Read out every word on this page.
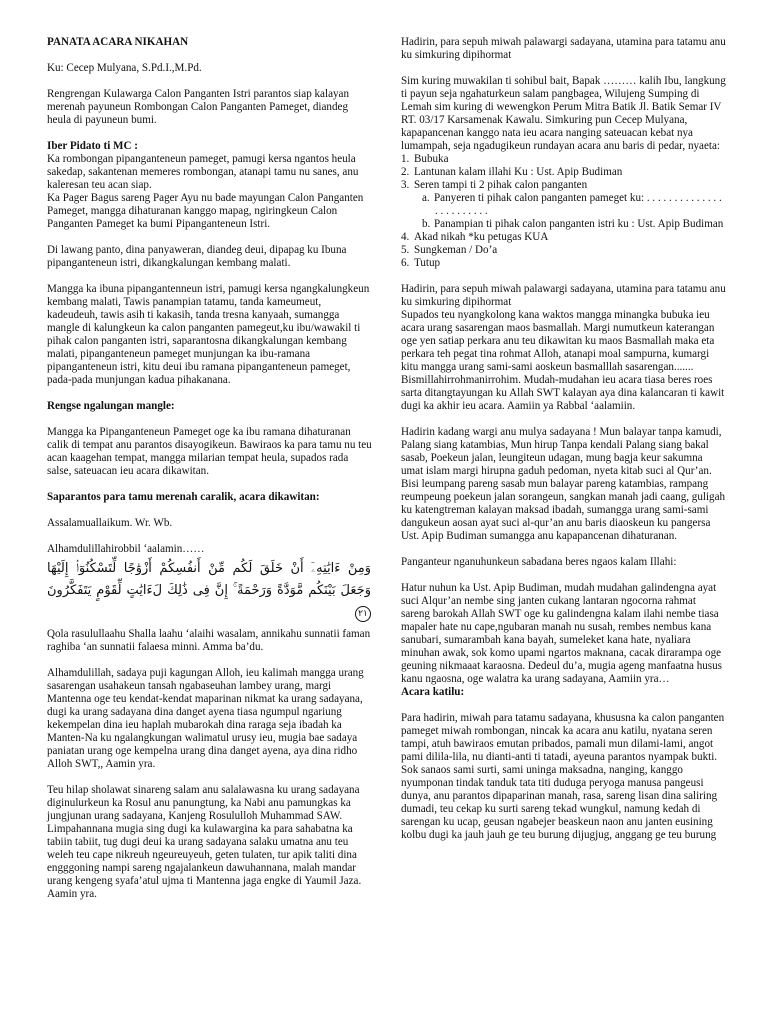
PANATA ACARA NIKAHAN

Ku: Cecep Mulyana, S.Pd.I.,M.Pd.

Rengrengan Kulawarga Calon Panganten Istri parantos siap kalayan merenah payuneun Rombongan Calon Panganten Pameget, diandeg heula di payuneun bumi.

Iber Pidato ti MC :

Ka rombongan pipanganteneun pameget, pamugi kersa ngantos heula sakedap, sakantenan memeres rombongan, atanapi tamu nu sanes, anu kaleresan teu acan siap.

Ka Pager Bagus sareng Pager Ayu nu bade mayungan Calon Panganten Pameget, mangga dihaturanan kanggo mapag, ngiringkeun Calon Panganten Pameget ka bumi Pipanganteneun Istri.

Di lawang panto, dina panyaweran, diandeg deui, dipapag ku Ibuna pipanganteneun istri, dikangkalungan kembang malati.

Mangga ka ibuna pipangantenneun istri, pamugi kersa ngangkalungkeun kembang malati, Tawis panampian tatamu, tanda kameumeut, kadeudeuh, tawis asih ti kakasih, tanda tresna kanyaah, sumangga mangle di kalungkeun ka calon panganten pamegeut,ku ibu/wawakil ti pihak calon panganten istri, saparantosna dikangkalungan kembang malati, pipanganteneun pameget munjungan ka ibu-ramana pipanganteneun istri, kitu deui ibu ramana pipanganteneun pameget, pada-pada munjungan kadua pihakanana.

Rengse ngalungan mangle:

Mangga ka Pipanganteneun Pameget oge ka ibu ramana dihaturanan calik di tempat anu parantos disayogikeun. Bawiraos ka para tamu nu teu acan kaagehan tempat, mangga milarian tempat heula, supados rada salse, sateuacan ieu acara dikawitan.

Saparantos para tamu merenah caralik, acara dikawitan:

Assalamuallaikum. Wr. Wb.

Alhamdulillahirobbil ‘aalamin……

وَمِنْ ءَايَٰتِهِۦٓ أَنْ خَلَقَ لَكُم مِّنْ أَنفُسِكُمْ أَزْوَٰجًا لِّتَسْكُنُوٓا۟ إِلَيْهَا وَجَعَلَ بَيْنَكُم مَّوَدَّةً وَرَحْمَةً ۚ إِنَّ فِى ذَٰلِكَ لَءَايَٰتٍ لِّقَوْمٍ يَتَفَكَّرُونَ٢١

Qola rasulullaahu Shalla laahu ‘alaihi wasalam, annikahu sunnatii faman raghiba ‘an sunnatii falaesa minni. Amma ba’du.

Alhamdulillah, sadaya puji kagungan Alloh, ieu kalimah mangga urang sasarengan usahakeun tansah ngabaseuhan lambey urang, margi Mantenna oge teu kendat-kendat maparinan nikmat ka urang sadayana, dugi ka urang sadayana dina danget ayena tiasa ngumpul ngariung kekempelan dina ieu haplah mubarokah dina raraga seja ibadah ka Manten-Na ku ngalangkungan walimatul urusy ieu, mugia bae sadaya paniatan urang oge kempelna urang dina danget ayena, aya dina ridho Alloh SWT,, Aamin yra.

Teu hilap sholawat sinareng salam anu salalawasna ku urang sadayana diginulurkeun ka Rosul anu panungtung, ka Nabi anu pamungkas ka jungjunan urang sadayana, Kanjeng Rosululloh Muhammad SAW. Limpahannana mugia sing dugi ka kulawargina ka para sahabatna ka tabiin tabiit, tug dugi deui ka urang sadayana salaku umatna anu teu weleh teu cape nikreuh ngeureuyeuh, geten tulaten, tur apik taliti dina engggoning nampi sareng ngajalankeun dawuhannana, malah mandar urang kengeng syafa’atul ujma ti Mantenna jaga engke di Yaumil Jaza. Aamin yra.

Hadirin, para sepuh miwah palawargi sadayana, utamina para tatamu anu ku simkuring dipihormat

Sim kuring muwakilan ti sohibul bait, Bapak ……… kalih Ibu, langkung ti payun seja ngahaturkeun salam pangbagea, Wilujeng Sumping di Lemah sim kuring di wewengkon Perum Mitra Batik Jl. Batik Semar IV RT. 03/17 Karsamenak Kawalu. Simkuring pun Cecep Mulyana, kapapancenan kanggo nata ieu acara nanging sateuacan kebat nya lumampah, seja ngadugikeun rundayan acara anu baris di pedar, nyaeta:

1. Bubuka
2. Lantunan kalam illahi Ku : Ust. Apip Budiman
3. Seren tampi ti 2 pihak calon panganten
a. Panyeren ti pihak calon panganten pameget ku: . . . . . . . . . . . . . . . . . . . . . . . .
b. Panampian ti pihak calon panganten istri ku : Ust. Apip Budiman
4. Akad nikah *ku petugas KUA
5. Sungkeman / Do’a
6. Tutup

Hadirin, para sepuh miwah palawargi sadayana, utamina para tatamu anu ku simkuring dipihormat

Supados teu nyangkolong kana waktos mangga minangka bubuka ieu acara urang sasarengan maos basmallah. Margi numutkeun katerangan oge yen satiap perkara anu teu dikawitan ku maos Basmallah maka eta perkara teh pegat tina rohmat Alloh, atanapi moal sampurna, kumargi kitu mangga urang sami-sami aoskeun basmalllah sasarengan.......

Bismillahirrohmanirrohim. Mudah-mudahan ieu acara tiasa beres roes sarta ditangtayungan ku Allah SWT kalayan aya dina kalancaran ti kawit dugi ka akhir ieu acara. Aamiin ya Rabbal ‘aalamiin.

Hadirin kadang wargi anu mulya sadayana ! Mun balayar tanpa kamudi, Palang siang katambias, Mun hirup Tanpa kendali Palang siang bakal sasab, Poekeun jalan, leungiteun udagan, mung bagja keur sakumna umat islam margi hirupna gaduh pedoman, nyeta kitab suci al Qur’an. Bisi leumpang pareng sasab mun balayar pareng katambias, rampang reumpeung poekeun jalan sorangeun, sangkan manah jadi caang, guligah ku katengtreman kalayan maksad ibadah, sumangga urang sami-sami dangukeun aosan ayat suci al-qur’an anu baris diaoskeun ku pangersa Ust. Apip Budiman sumangga anu kapapancenan dihaturanan.

Panganteur nganuhunkeun sabadana beres ngaos kalam Illahi:

Hatur nuhun ka Ust. Apip Budiman, mudah mudahan galindengna ayat suci Alqur’an nembe sing janten cukang lantaran ngocorna rahmat sareng barokah Allah SWT oge ku galindengna kalam ilahi nembe tiasa mapaler hate nu cape,ngubaran manah nu susah, rembes nembus kana sanubari, sumarambah kana bayah, sumeleket kana hate, nyaliara minuhan awak, sok komo upami ngartos maknana, cacak dirarampa oge geuning nikmaaat karaosna. Dedeul du’a, mugia ageng manfaatna husus kanu ngaosna, oge walatra ka urang sadayana, Aamiin yra…

Acara katilu:

Para hadirin, miwah para tatamu sadayana, khususna ka calon panganten pameget miwah rombongan, nincak ka acara anu katilu, nyatana seren tampi, atuh bawiraos emutan pribados, pamali mun dilami-lami, angot pami dilila-lila, nu dianti-anti ti tatadi, ayeuna parantos nyampak bukti. Sok sanaos sami surti, sami uninga maksadna, nanging, kanggo nyumponan tindak tanduk tata titi duduga peryoga manusa pangeusi dunya, anu parantos dipaparinan manah, rasa, sareng lisan dina saliring dumadi, teu cekap ku surti sareng tekad wungkul, namung kedah di sarengan ku ucap, geusan ngabejer beaskeun naon anu janten eusining kolbu dugi ka jauh jauh ge teu burung dijugjug, anggang ge teu burung
